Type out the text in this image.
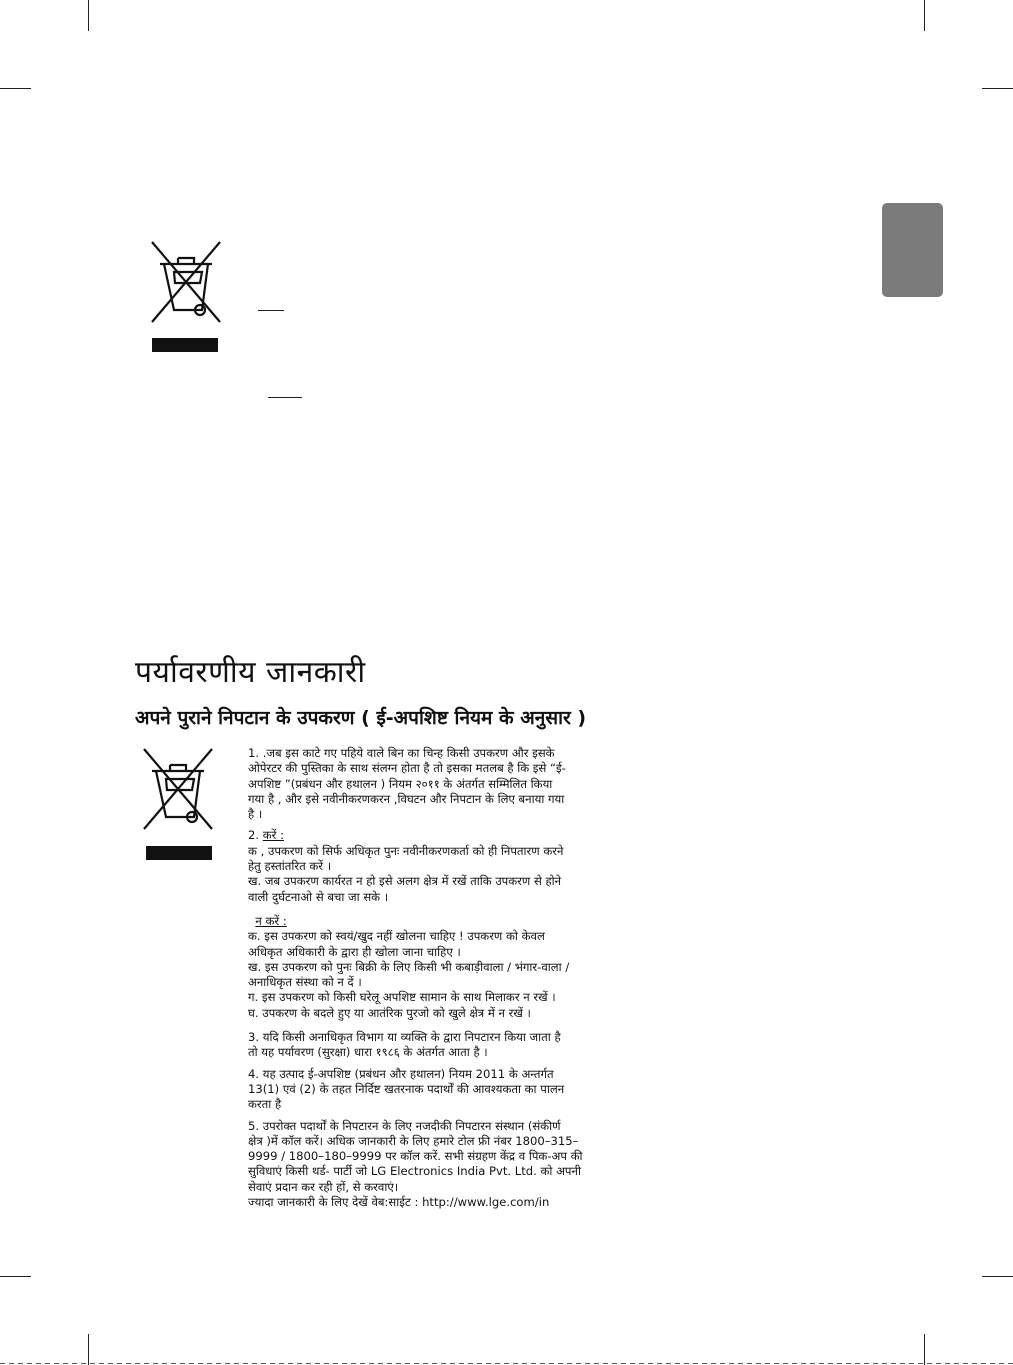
पर्यावरणीय जानकारी
अपने पुराने निपटान के उपकरण ( ई-अपशिष्ट नियम के अनुसार )

1. .जब इस काटे गए पहिये वाले बिन का चिन्ह किसी उपकरण और इसके

ओपेरटर की पुस्तिका के साथ संलग्न होता है तो इसका मतलब है कि इसे “ई-

अपशिष्ट ”(प्रबंधन और हथालन ) नियम २०११ के अंतर्गत सम्मिलित किया

गया है , और इसे नवीनीकरणकरन ,विघटन और निपटान के लिए बनाया गया

है ।

2. करें :

क , उपकरण को सिर्फ अधिकृत पुनः नवीनीकरणकर्ता को ही निपतारण करने

हेतु हस्तांतरित करें ।

ख. जब उपकरण कार्यरत न हो इसे अलग क्षेत्र में रखें ताकि उपकरण से होने

वाली दुर्घटनाओ से बचा जा सके ।

न करें :

क. इस उपकरण को स्वयं/खुद नहीं खोलना चाहिए ! उपकरण को केवल

अधिकृत अधिकारी के द्वारा ही खोला जाना चाहिए ।

ख. इस उपकरण को पुनः बिक्री के लिए किसी भी कबाड़ीवाला / भंगार-वाला /

अनाधिकृत संस्था को न दें ।

ग. इस उपकरण को किसी घरेलू अपशिष्ट सामान के साथ मिलाकर न रखें ।

घ. उपकरण के बदले हुए या आतंरिक पुरजो को खुले क्षेत्र में न रखें ।

3. यदि किसी अनाधिकृत विभाग या व्यक्ति के द्वारा निपटारन किया जाता है

तो यह पर्यावरण (सुरक्षा) धारा १९८६ के अंतर्गत आता है ।

4. यह उत्पाद ई-अपशिष्ट (प्रबंधन और हथालन) नियम 2011 के अन्तर्गत

13(1) एवं (2) के तहत निर्दिष्ट खतरनाक पदार्थों की आवश्यकता का पालन

करता है

5. उपरोक्त पदार्थों के निपटारन के लिए नजदीकी निपटारन संस्थान (संकीर्ण

क्षेत्र )में कॉल करें। अधिक जानकारी के लिए हमारे टोल फ्री नंबर 1800–315–

9999 / 1800–180–9999 पर कॉल करें. सभी संग्रहण केंद्र व पिक-अप की

सुविधाएं किसी थर्ड- पार्टी जो LG Electronics India Pvt. Ltd. को अपनी

सेवाएं प्रदान कर रही हों, से करवाएं।

ज्यादा जानकारी के लिए देखें वेब:साईट : http://www.lge.com/in
